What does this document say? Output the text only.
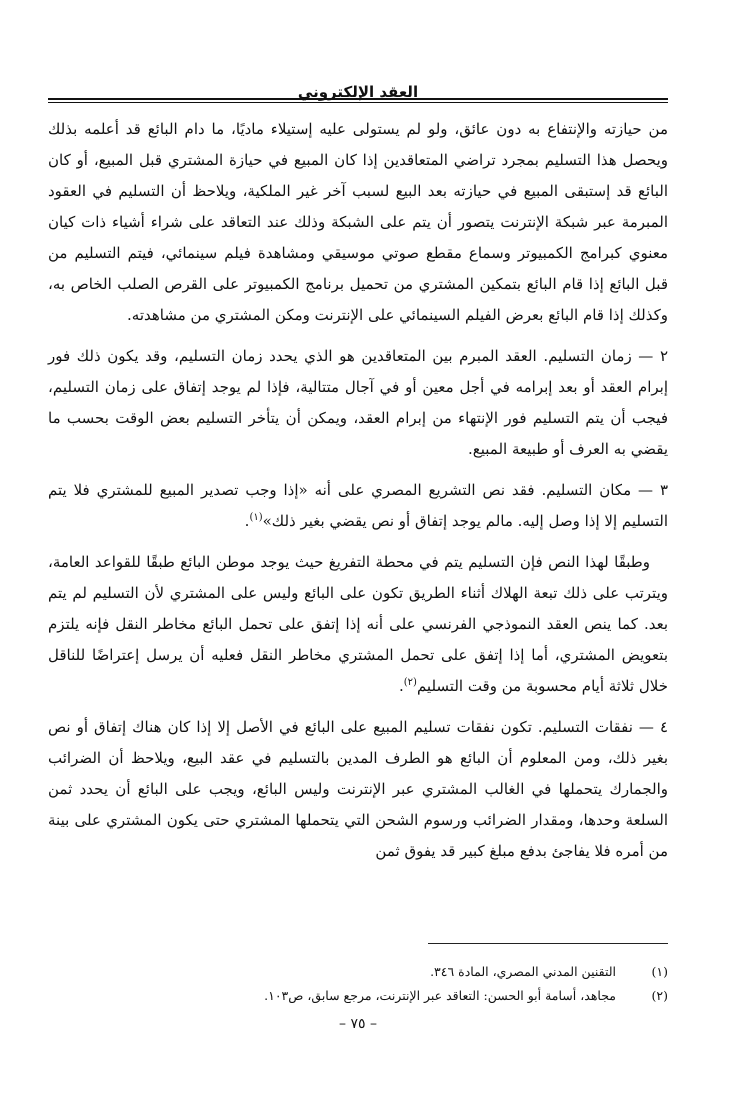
العقد الإلكتروني

من حيازته والإنتفاع به دون عائق، ولو لم يستولى عليه إستيلاء ماديًا، ما دام البائع قد أعلمه بذلك ويحصل هذا التسليم بمجرد تراضي المتعاقدين إذا كان المبيع في حيازة المشتري قبل المبيع، أو كان البائع قد إستبقى المبيع في حيازته بعد البيع لسبب آخر غير الملكية، ويلاحظ أن التسليم في العقود المبرمة عبر شبكة الإنترنت يتصور أن يتم على الشبكة وذلك عند التعاقد على شراء أشياء ذات كيان معنوي كبرامج الكمبيوتر وسماع مقطع صوتي موسيقي ومشاهدة فيلم سينمائي، فيتم التسليم من قبل البائع إذا قام البائع بتمكين المشتري من تحميل برنامج الكمبيوتر على القرص الصلب الخاص به، وكذلك إذا قام البائع بعرض الفيلم السينمائي على الإنترنت ومكن المشتري من مشاهدته.

٢ — زمان التسليم. العقد المبرم بين المتعاقدين هو الذي يحدد زمان التسليم، وقد يكون ذلك فور إبرام العقد أو بعد إبرامه في أجل معين أو في آجال متتالية، فإذا لم يوجد إتفاق على زمان التسليم، فيجب أن يتم التسليم فور الإنتهاء من إبرام العقد، ويمكن أن يتأخر التسليم بعض الوقت بحسب ما يقضي به العرف أو طبيعة المبيع.

٣ — مكان التسليم. فقد نص التشريع المصري على أنه «إذا وجب تصدير المبيع للمشتري فلا يتم التسليم إلا إذا وصل إليه. مالم يوجد إتفاق أو نص يقضي بغير ذلك»$^{(١)}$.

وطبقًا لهذا النص فإن التسليم يتم في محطة التفريغ حيث يوجد موطن البائع طبقًا للقواعد العامة، ويترتب على ذلك تبعة الهلاك أثناء الطريق تكون على البائع وليس على المشتري لأن التسليم لم يتم بعد. كما ينص العقد النموذجي الفرنسي على أنه إذا إتفق على تحمل البائع مخاطر النقل فإنه يلتزم بتعويض المشتري، أما إذا إتفق على تحمل المشتري مخاطر النقل فعليه أن يرسل إعتراضًا للناقل خلال ثلاثة أيام محسوبة من وقت التسليم$^{(٢)}$.

٤ — نفقات التسليم. تكون نفقات تسليم المبيع على البائع في الأصل إلا إذا كان هناك إتفاق أو نص بغير ذلك، ومن المعلوم أن البائع هو الطرف المدين بالتسليم في عقد البيع، ويلاحظ أن الضرائب والجمارك يتحملها في الغالب المشتري عبر الإنترنت وليس البائع، ويجب على البائع أن يحدد ثمن السلعة وحدها، ومقدار الضرائب ورسوم الشحن التي يتحملها المشتري حتى يكون المشتري على بينة من أمره فلا يفاجئ بدفع مبلغ كبير قد يفوق ثمن

(١)
التقنين المدني المصري، المادة ٣٤٦.
(٢)
مجاهد، أسامة أبو الحسن: التعاقد عبر الإنترنت، مرجع سابق، ص١٠٣.
– ٧٥ –
